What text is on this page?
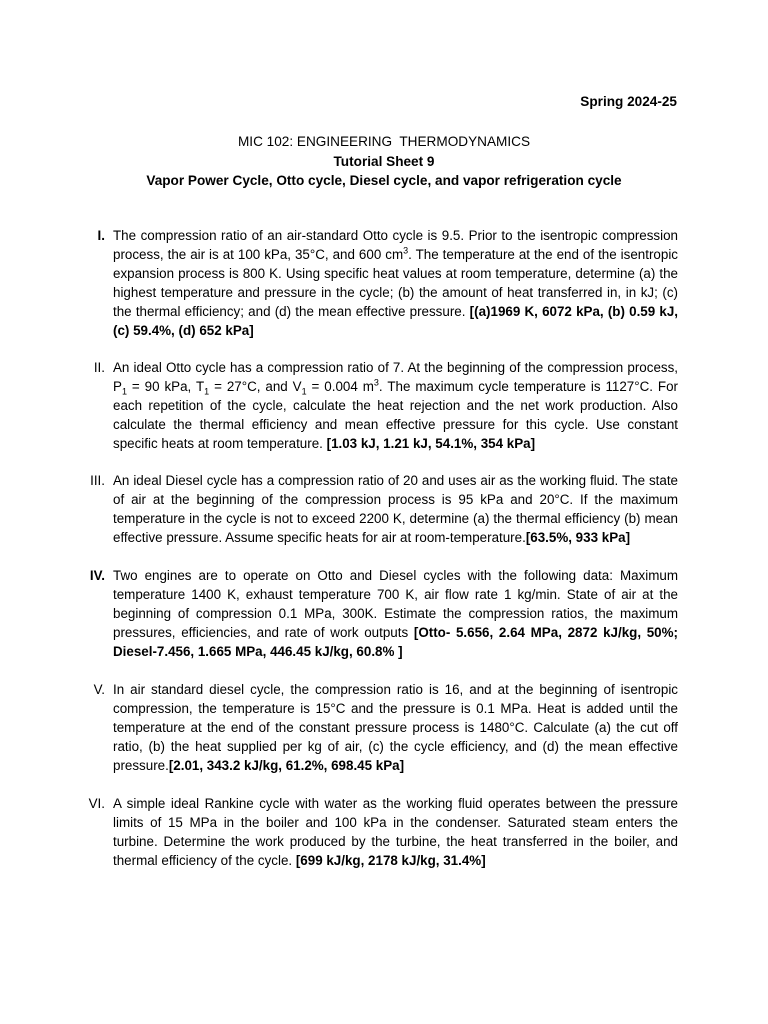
Spring 2024-25
MIC 102: ENGINEERING  THERMODYNAMICS
Tutorial Sheet 9
Vapor Power Cycle, Otto cycle, Diesel cycle, and vapor refrigeration cycle
I. The compression ratio of an air-standard Otto cycle is 9.5. Prior to the isentropic compression process, the air is at 100 kPa, 35°C, and 600 $cm^3$. The temperature at the end of the isentropic expansion process is 800 K. Using specific heat values at room temperature, determine (a) the highest temperature and pressure in the cycle; (b) the amount of heat transferred in, in kJ; (c) the thermal efficiency; and (d) the mean effective pressure. [(a)1969 K, 6072 kPa, (b) 0.59 kJ, (c) 59.4%, (d) 652 kPa]
II. An ideal Otto cycle has a compression ratio of 7. At the beginning of the compression process, $P_1 = 90$ kPa, $T_1 = 27^\circ C$, and $V_1 = 0.004$ $m^3$. The maximum cycle temperature is 1127°C. For each repetition of the cycle, calculate the heat rejection and the net work production. Also calculate the thermal efficiency and mean effective pressure for this cycle. Use constant specific heats at room temperature. [1.03 kJ, 1.21 kJ, 54.1%, 354 kPa]
III. An ideal Diesel cycle has a compression ratio of 20 and uses air as the working fluid. The state of air at the beginning of the compression process is 95 kPa and 20°C. If the maximum temperature in the cycle is not to exceed 2200 K, determine (a) the thermal efficiency (b) mean effective pressure. Assume specific heats for air at room-temperature.[63.5%, 933 kPa]
IV. Two engines are to operate on Otto and Diesel cycles with the following data: Maximum temperature 1400 K, exhaust temperature 700 K, air flow rate 1 kg/min. State of air at the beginning of compression 0.1 MPa, 300K. Estimate the compression ratios, the maximum pressures, efficiencies, and rate of work outputs [Otto- 5.656, 2.64 MPa, 2872 kJ/kg, 50%; Diesel-7.456, 1.665 MPa, 446.45 kJ/kg, 60.8% ]
V. In air standard diesel cycle, the compression ratio is 16, and at the beginning of isentropic compression, the temperature is 15°C and the pressure is 0.1 MPa. Heat is added until the temperature at the end of the constant pressure process is 1480°C. Calculate (a) the cut off ratio, (b) the heat supplied per kg of air, (c) the cycle efficiency, and (d) the mean effective pressure.[2.01, 343.2 kJ/kg, 61.2%, 698.45 kPa]
VI. A simple ideal Rankine cycle with water as the working fluid operates between the pressure limits of 15 MPa in the boiler and 100 kPa in the condenser. Saturated steam enters the turbine. Determine the work produced by the turbine, the heat transferred in the boiler, and thermal efficiency of the cycle. [699 kJ/kg, 2178 kJ/kg, 31.4%]
